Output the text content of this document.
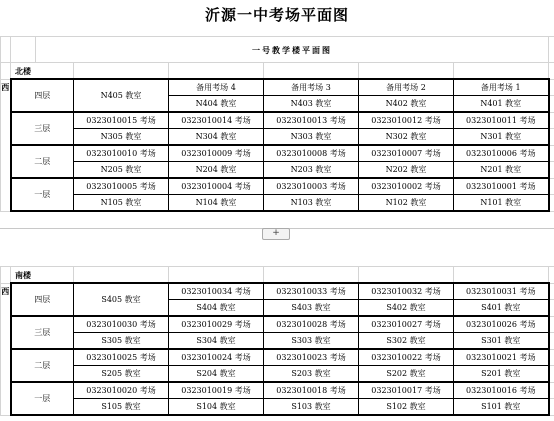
沂源一中考场平面图
		一号教学楼平面图						
	北楼							
西	四层		N405 教室	备用考场 4	备用考场 3	备用考场 2	备用考场 1	
				N404 教室	N403 教室	N402 教室	N401 教室	
	三层		0323010015 考场	0323010014 考场	0323010013 考场	0323010012 考场	0323010011 考场	
			N305 教室	N304 教室	N303 教室	N302 教室	N301 教室	
	二层		0323010010 考场	0323010009 考场	0323010008 考场	0323010007 考场	0323010006 考场	
			N205 教室	N204 教室	N203 教室	N202 教室	N201 教室	
	一层		0323010005 考场	0323010004 考场	0323010003 考场	0323010002 考场	0323010001 考场	
			N105 教室	N104 教室	N103 教室	N102 教室	N101 教室	
+
	南楼						
西	四层	S405 教室	0323010034 考场	0323010033 考场	0323010032 考场	0323010031 考场	
			S404 教室	S403 教室	S402 教室	S401 教室	
	三层	0323010030 考场	0323010029 考场	0323010028 考场	0323010027 考场	0323010026 考场	
		S305 教室	S304 教室	S303 教室	S302 教室	S301 教室	
	二层	0323010025 考场	0323010024 考场	0323010023 考场	0323010022 考场	0323010021 考场	
		S205 教室	S204 教室	S203 教室	S202 教室	S201 教室	
	一层	0323010020 考场	0323010019 考场	0323010018 考场	0323010017 考场	0323010016 考场	
		S105 教室	S104 教室	S103 教室	S102 教室	S101 教室	
